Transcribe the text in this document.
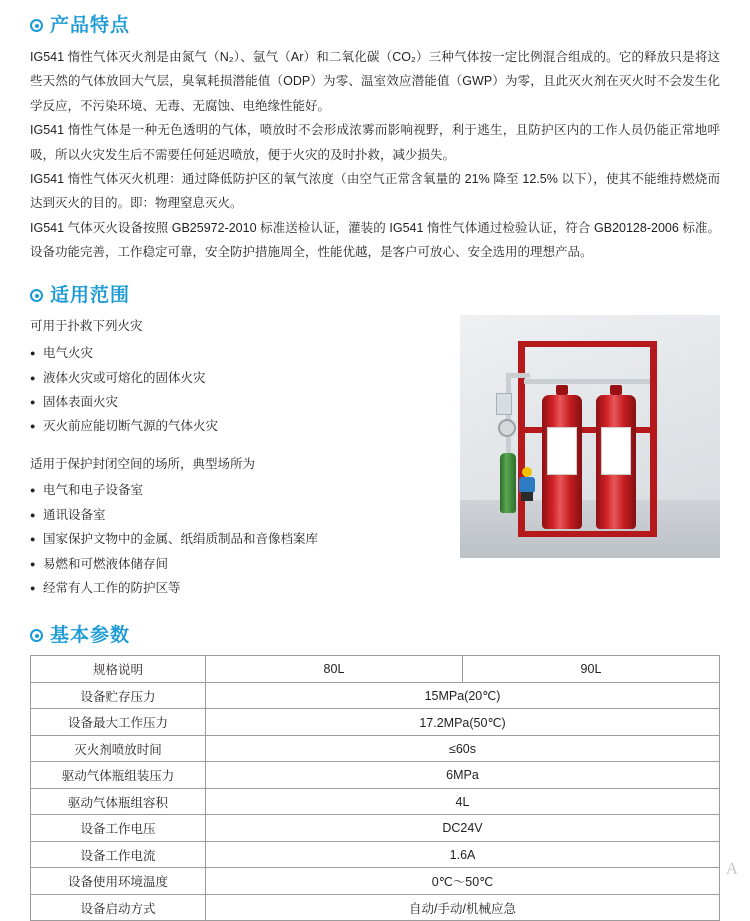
产品特点

IG541 惰性气体灭火剂是由氮气（N₂）、氩气（Ar）和二氧化碳（CO₂）三种气体按一定比例混合组成的。它的释放只是将这些天然的气体放回大气层，臭氧耗损潜能值（ODP）为零、温室效应潜能值（GWP）为零，且此灭火剂在灭火时不会发生化学反应，不污染环境、无毒、无腐蚀、电绝缘性能好。

IG541 惰性气体是一种无色透明的气体，喷放时不会形成浓雾而影响视野，利于逃生，且防护区内的工作人员仍能正常地呼吸，所以火灾发生后不需要任何延迟喷放，便于火灾的及时扑救，减少损失。

IG541 惰性气体灭火机理：通过降低防护区的氧气浓度（由空气正常含氧量的 21% 降至 12.5% 以下），使其不能维持燃烧而达到灭火的目的。即：物理窒息灭火。

IG541 气体灭火设备按照 GB25972-2010 标准送检认证，灌装的 IG541 惰性气体通过检验认证，符合 GB20128-2006 标准。设备功能完善，工作稳定可靠，安全防护措施周全，性能优越，是客户可放心、安全选用的理想产品。

适用范围

可用于扑救下列火灾

● 电气火灾
● 液体火灾或可熔化的固体火灾
● 固体表面火灾
● 灭火前应能切断气源的气体火灾

适用于保护封闭空间的场所，典型场所为

● 电气和电子设备室
● 通讯设备室
● 国家保护文物中的金属、纸绢质制品和音像档案库
● 易燃和可燃液体储存间
● 经常有人工作的防护区等
基本参数
规格说明	80L	90L
设备贮存压力	15MPa(20℃)	
设备最大工作压力	17.2MPa(50℃)	
灭火剂喷放时间	≤60s	
驱动气体瓶组装压力	6MPa	
驱动气体瓶组容积	4L	
设备工作电压	DC24V	
设备工作电流	1.6A	
设备使用环境温度	0℃～50℃	
设备启动方式	自动/手动/机械应急	
A
